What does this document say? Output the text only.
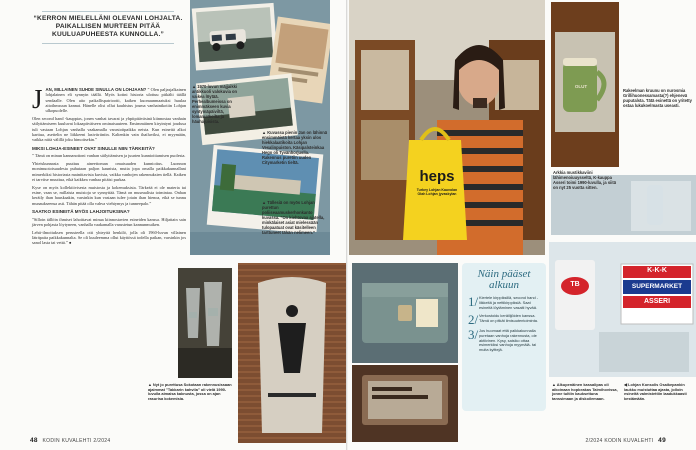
“KERRON MIELELLÄNI OLEVANI LOHJALTA. PAIKALLISEN MURTEEN PITÄÄ KUULUAPUHEESTA KUNNOLLA.”

J AN, MILLAINEN SUHDE SINULLA ON LOHJAAN? ” Olen paljasjalkainen lohjalainen eli synnyin täällä. Myös kotini historia ulottuu pitkälti täällä sendaalle. Olen aito paikallispatriootti, kaiken kuonuunmaatuksi huulaa aitoihmsuun kannat. Hänelle olisi ollut kauhistus jouma vanhaintkotiin Lohjan ulkopuolelle.

Olen second hand -kauppias, jonen vanhat tavarat ja yhpitpitäväsinä kiinnostaa vanhain säilyttämiseen kuuluvat lokaapitväiseen ominaisuuteen. Ensimmäinen kiryintyni joudusa tuli vastaan Lohjan vanhalla vaakamalla varastoitpaikka neista. Kun esineitä alkoi karttua, asettelin ne liikkeeni lasivitriiniin. Kaltenkin vain ihailuviksi, ei myymään, vaikka niitä välillä joku himoitsekin.”

MIKSI LOHJA-ESINEET OVAT SINULLE NIIN TÄRKEITÄ?

” Tämä on minun kannanottoni vanhan säilyttämisen ja juurten kunnioittamisen puolesta.

Yhteiskunnasta puuttuu aineettoman omaisuuden kunnioitus. Luonnon monimuotoisuudesta puhutaan paljon kaunista, mutta jopa omalla paikkakunnallani mimerkiksi historiasta mainittavista kuvista, vaikka vanhojen rakennuksien tiellä. Kaiken ei tarvitse muuttua, eikä kaikkea vanhaa pitäisi purkaa.

Kyse on myös kollektiivisesta muistosta ja kokemuksista. Tärkeää ei ole materia tai esine, vaan se, millaista muistoja se synnyttää. Tämä on museaalista toimintaa. Onhan keräily ihan hauskaakin, varsinkin kun vastaan tulee jotain ihan hienoa, eikä se tunnu munaukseensa asti. Tähän pitää olla vahva viehtymys ja tunneepalo.”

SAATKO ESINEITÄ MYÖS LAHJOITUKSINA?

”Silloin tällöin ihmiset lahoittavat minua kiinnostavien esineiden kanssa. Hiljattain sain järven pohjasta löytyneen, vanhalla vaakamalla varustetun kannunmuiken.

Lehti-ilmoituksen perusteella otti yhteyttä henkilö, jolla oli 1960-luvun villainen läträpaita paikkakunnalta. Se oli kuuleemma ollut käyttössä todella paikan, varsinkin jos sanol lasta tai vettä.” ●

▲ 1970-luvun mäjjaikki antikkuoli valokuvia on vaikea löytää. Perhealbumeissa on enimmäkseen kuvia syntymäpäiviltä, lomamatkoilta ja häuhajuisista.
▲ Nyt jo purettusa Sokotaan rakennusissaan ajaimmat ”Takkarin kahvila” oli vielä 1990-luvulla aimaisa kaknusta, jossa on ajan rasurisa kokemisia.
48 KODIN KUVALEHTI 2/2024
heps
Turkey Lohjan Kauvolan Olah Lohjan jyvaskylan
▲ Kuvassa pienin Jan on lähinnä ensimmäistä kertaa yksin ulos hiekkalaatikoita Lohjan Vesalinpuiston. Käsipalsteinkaa Hego oli Tyvänhorjuslla. Rakennus puretiin uuden Citymarketin tieltä.
▲ Tällesiä on myös Lohjan purettun poliiseaamuskerhonkanto kuvassa. ”On kiehtovaa ajatella, minkälaiset asiat mielessään tulopaatuat ovat käsitelleen tarttuneet tähän nelimeen.”
OLUT
Rakeelman kruunu on nurosmia Grillihuonessamasta(?) ehjenevä puputalsta. Tätä esinettä on yritetty ostaa lukukoelmasta useasti.
Arkkia mustikkaviini lähimenoiuuysseltä, K-kauppa Asseri toimi 1990-luvulla, ja siitä on nyt 25 vuotta sitten.
Näin pääset alkuun
1/ Kiertele kirppiksillä, second hand -liikkeitä ja nettikirppiksiä. Saat esineitä löytäminen vasaiti hyvää.
2/ Verkostoidu keräilijöiden kanssa. Tämä on pitkät ilmisuutentoiminta.
3/ Jos huomaat että paikkakunnalla puretaan vanhoja rakennusta, ole aktiivinen. Kysy, saisiko ottaa esimerkiksi vanhoja myymälä- tai muita kylttejä.
TB
K-K-K
SUPERMARKET
ASSERI
▲ Alkupenäinen kassalipas oli aikoinaan hopkeakas Taimihovissa, jonne tultiin kauksettuna tanssimaan ja diskoilemaan.
◀ Lohjan Konsolis Osaikepankin laukku muistuttaa ajasta, jolloin esineitä valmistettiin laadukkaasti kestämään.
2/2024 KODIN KUVALEHTI 49
